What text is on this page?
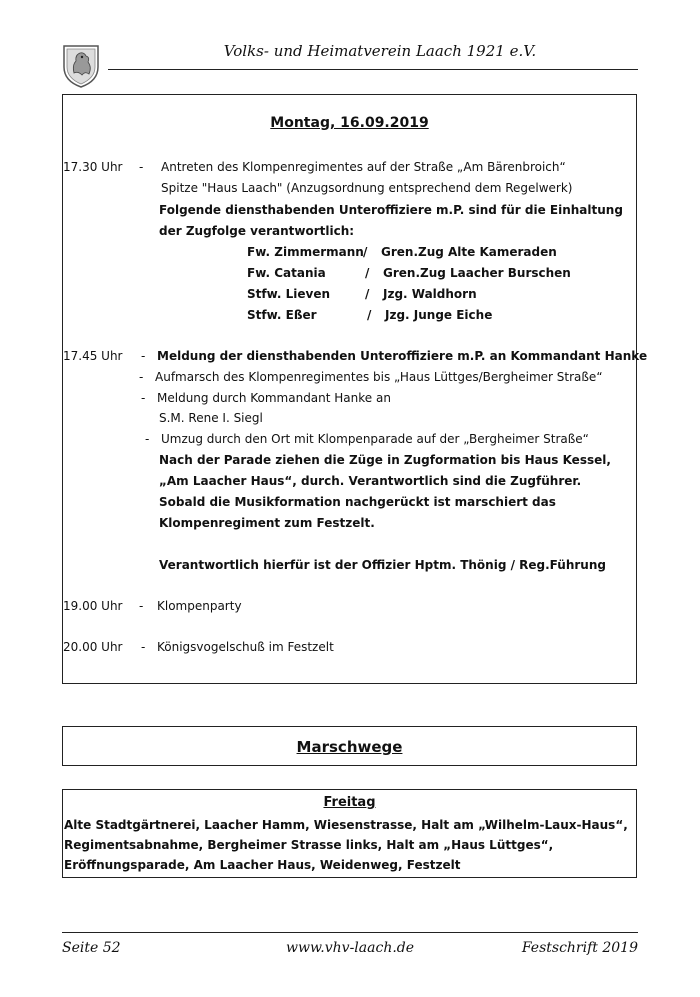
Volks- und Heimatverein Laach 1921 e.V.
Montag, 16.09.2019
17.30 Uhr - Antreten des Klompenregimentes auf der Straße „Am Bärenbroich“
Spitze "Haus Laach" (Anzugsordnung entsprechend dem Regelwerk)
Folgende diensthabenden Unteroffiziere m.P. sind für die Einhaltung
der Zugfolge verantwortlich:
Fw. Zimmermann / Gren.Zug Alte Kameraden
Fw. Catania	/ Gren.Zug Laacher Burschen
Stfw. Lieven	/ Jzg. Waldhorn
Stfw. Eßer	/ Jzg. Junge Eiche
17.45 Uhr - Meldung der diensthabenden Unteroffiziere m.P. an Kommandant Hanke
- Aufmarsch des Klompenregimentes bis „Haus Lüttges/Bergheimer Straße“
- Meldung durch Kommandant Hanke an
S.M. Rene I. Siegl
- Umzug durch den Ort mit Klompenparade auf der „Bergheimer Straße“
Nach der Parade ziehen die Züge in Zugformation bis Haus Kessel,
„Am Laacher Haus“, durch. Verantwortlich sind die Zugführer.
Sobald die Musikformation nachgerückt ist marschiert das
Klompenregiment zum Festzelt.
Verantwortlich hierfür ist der Offizier Hptm. Thönig / Reg.Führung
19.00 Uhr - Klompenparty
20.00 Uhr - Königsvogelschuß im Festzelt
Marschwege
Freitag
Alte Stadtgärtnerei, Laacher Hamm, Wiesenstrasse, Halt am „Wilhelm-Laux-Haus“,
Regimentsabnahme, Bergheimer Strasse links, Halt am „Haus Lüttges“,
Eröffnungsparade, Am Laacher Haus, Weidenweg, Festzelt
Seite 52	www.vhv-laach.de	Festschrift 2019
